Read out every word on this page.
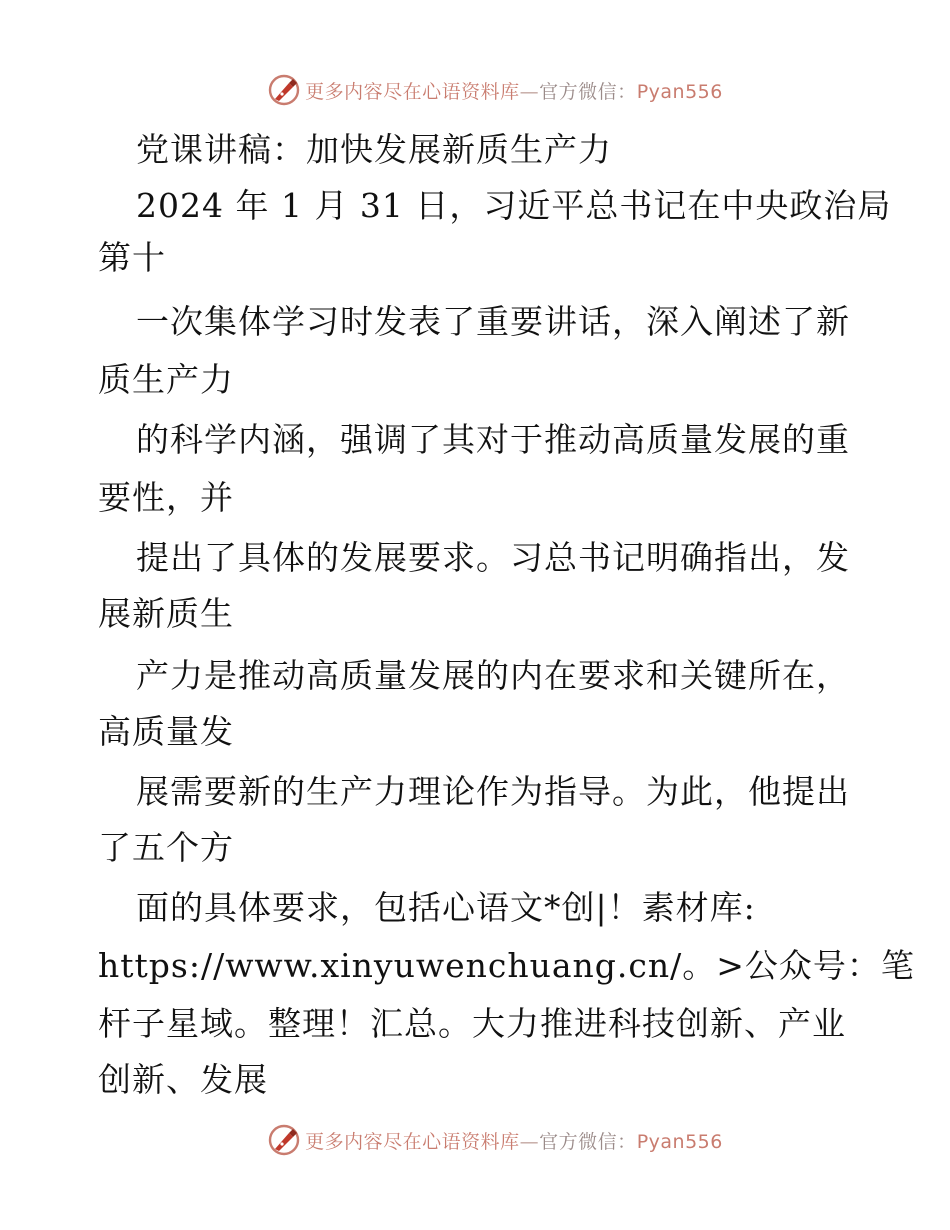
更多内容尽在心语资料库—官方微信：Pyan556
党课讲稿：加快发展新质生产力
2024 年 1 月 31 日，习近平总书记在中央政治局
第十
一次集体学习时发表了重要讲话，深入阐述了新
质生产力
的科学内涵，强调了其对于推动高质量发展的重
要性，并
提出了具体的发展要求。习总书记明确指出，发
展新质生
产力是推动高质量发展的内在要求和关键所在，
高质量发
展需要新的生产力理论作为指导。为此，他提出
了五个方
面的具体要求，包括心语文*创|！素材库:
https://www.xinyuwenchuang.cn/。>公众号：笔
杆子星域。整理！汇总。大力推进科技创新、产业
创新、发展
更多内容尽在心语资料库—官方微信：Pyan556
